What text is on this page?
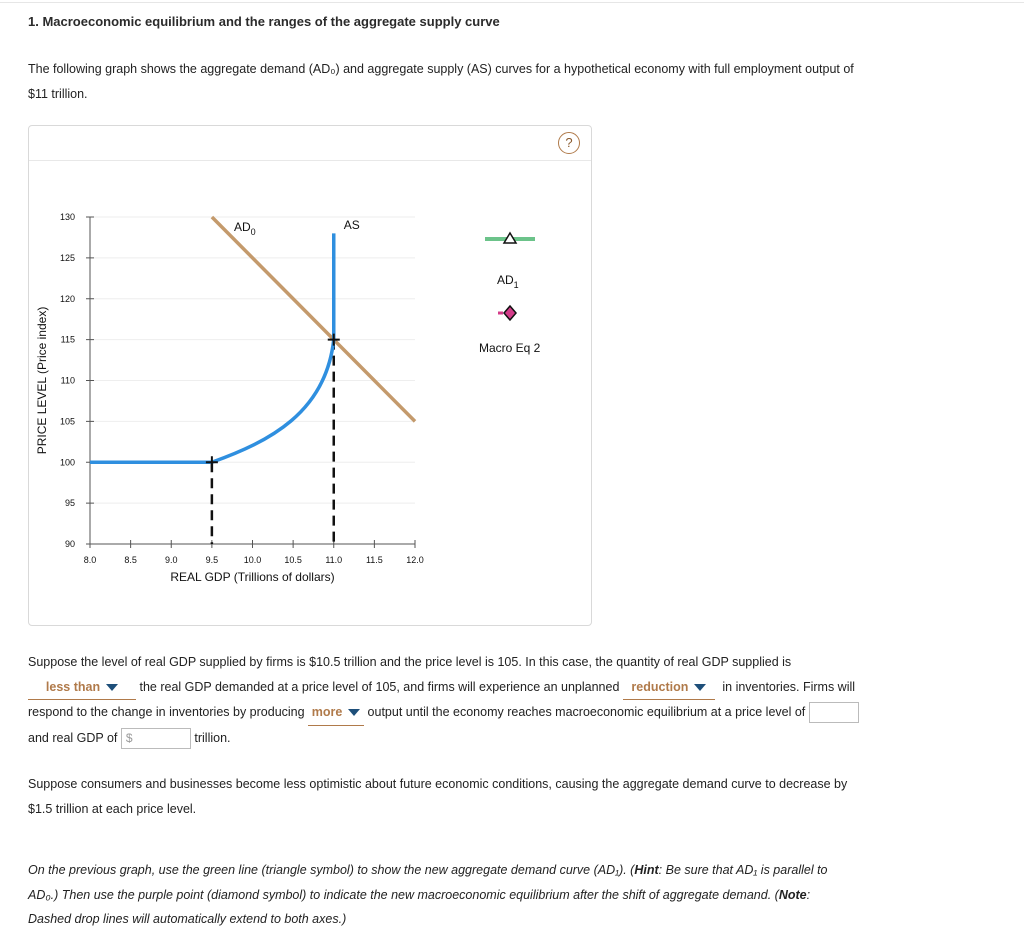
1. Macroeconomic equilibrium and the ranges of the aggregate supply curve
The following graph shows the aggregate demand (AD₀) and aggregate supply (AS) curves for a hypothetical economy with full employment output of
$11 trillion.
?
90
95
100
105
110
115
120
125
130
8.0	8.5	9.0	9.5	10.0	10.5	11.0	11.5	12.0
$AD_0$	AS
REAL GDP (Trillions of dollars)
PRICE LEVEL (Price index)
$AD_1$
Macro Eq 2
Suppose the level of real GDP supplied by firms is $10.5 trillion and the price level is 105. In this case, the quantity of real GDP supplied is
less than	the real GDP demanded at a price level of 105, and firms will experience an unplanned reduction	in inventories. Firms will
respond to the change in inventories by producing more output until the economy reaches macroeconomic equilibrium at a price level of
and real GDP of $	trillion.
Suppose consumers and businesses become less optimistic about future economic conditions, causing the aggregate demand curve to decrease by
$1.5 trillion at each price level.
On the previous graph, use the green line (triangle symbol) to show the new aggregate demand curve (AD₁). (Hint: Be sure that AD₁ is parallel to
AD₀.) Then use the purple point (diamond symbol) to indicate the new macroeconomic equilibrium after the shift of aggregate demand. (Note:
Dashed drop lines will automatically extend to both axes.)
